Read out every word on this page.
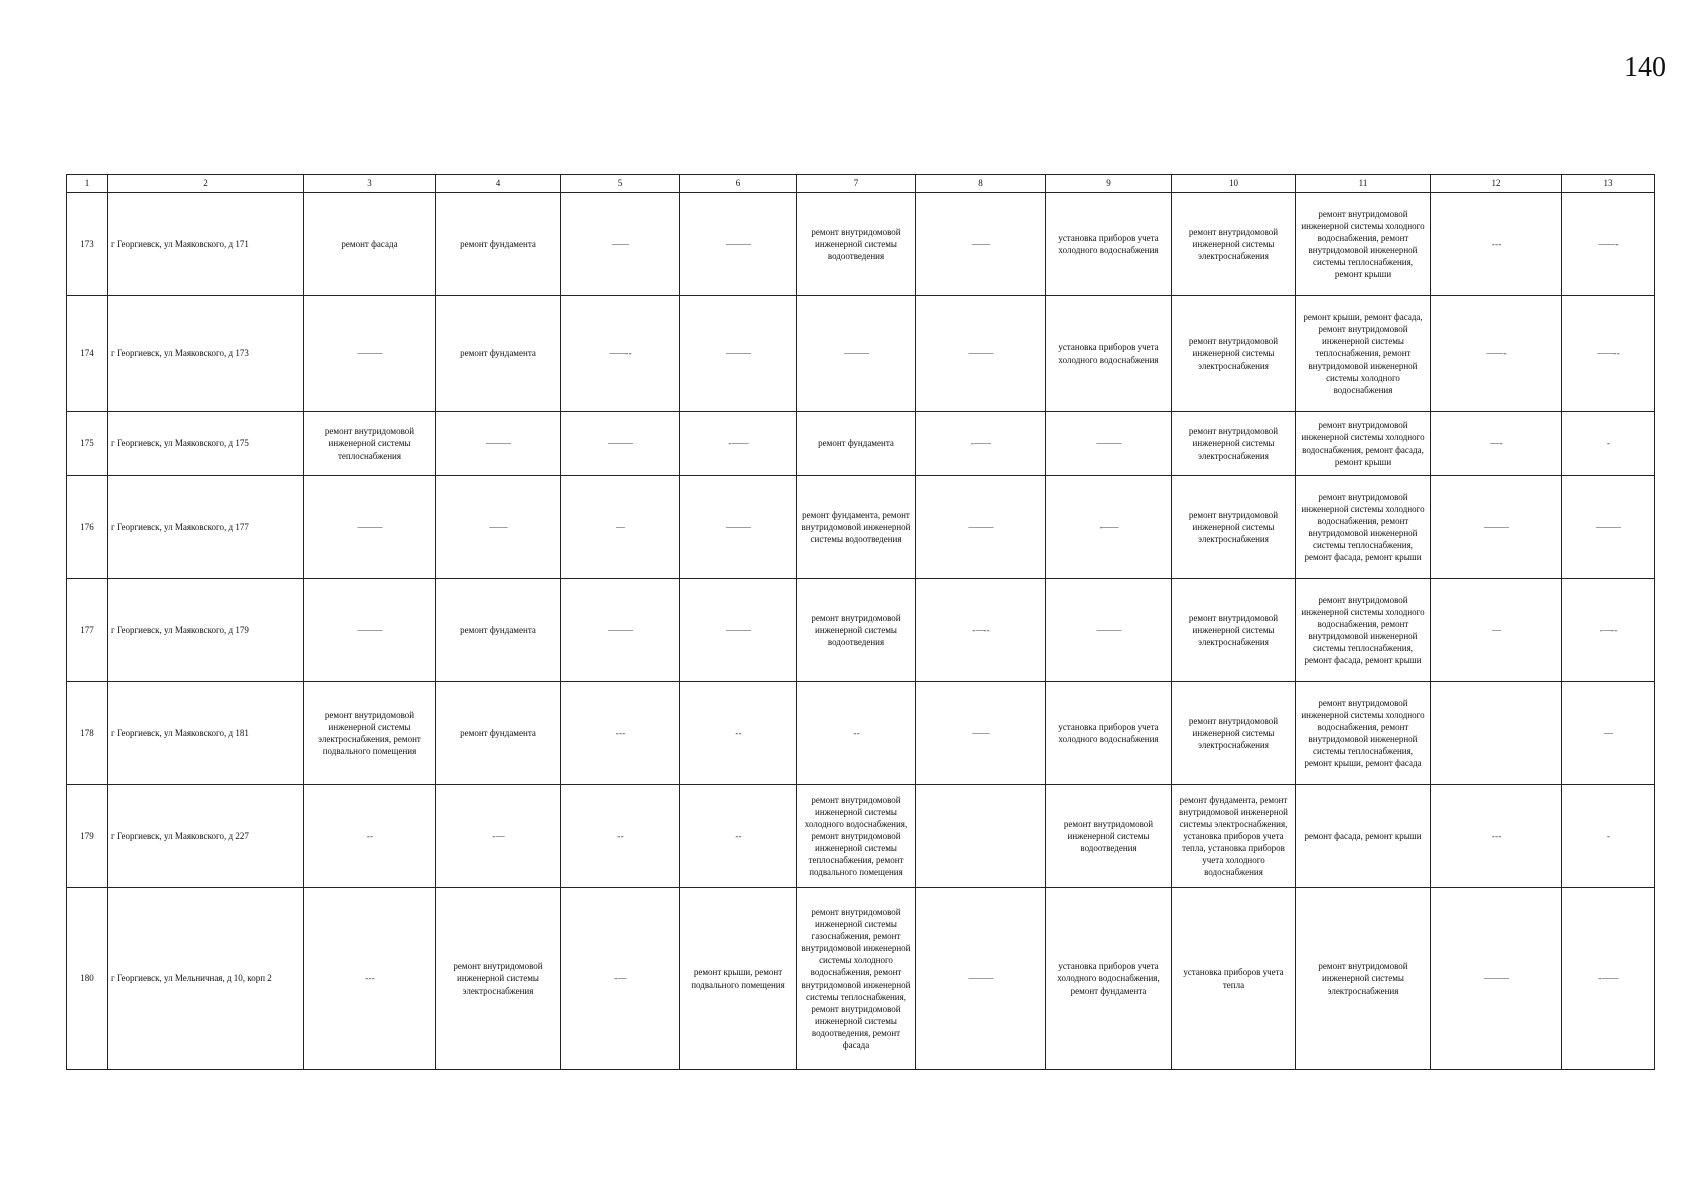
140
1	2	3	4	5	6	7	8	9	10	11	12	13
173	г Георгиевск, ул Маяковского, д 171	ремонт фасада	ремонт фундамента	——	———	ремонт внутридомовой инженерной системы водоотведения	— —	установка приборов учета холодного водоснабжения	ремонт внутридомовой инженерной системы электроснабжения	ремонт внутридомовой инженерной системы холодного водоснабжения, ремонт внутридомовой инженерной системы теплоснабжения, ремонт крыши	- - -	—— -
174	г Георгиевск, ул Маяковского, д 173	———	ремонт фундамента	——- -	———	———	———	установка приборов учета холодного водоснабжения	ремонт внутридомовой инженерной системы электроснабжения	ремонт крыши, ремонт фасада, ремонт внутридомовой инженерной системы теплоснабжения, ремонт внутридомовой инженерной системы холодного водоснабжения	—— -	——- -
175	г Георгиевск, ул Маяковского, д 175	ремонт внутридомовой инженерной системы теплоснабжения	———	———	- ——	ремонт фундамента	- ——	———	ремонт внутридомовой инженерной системы электроснабжения	ремонт внутридомовой инженерной системы холодного водоснабжения, ремонт фасада, ремонт крыши	— -	-
176	г Георгиевск, ул Маяковского, д 177	———	— —	—	———	ремонт фундамента, ремонт внутридомовой инженерной системы водоотведения	———	-——	ремонт внутридомовой инженерной системы электроснабжения	ремонт внутридомовой инженерной системы холодного водоснабжения, ремонт внутридомовой инженерной системы теплоснабжения, ремонт фасада, ремонт крыши	———	———
177	г Георгиевск, ул Маяковского, д 179	———	ремонт фундамента	———	———	ремонт внутридомовой инженерной системы водоотведения	- —- -	———	ремонт внутридомовой инженерной системы электроснабжения	ремонт внутридомовой инженерной системы холодного водоснабжения, ремонт внутридомовой инженерной системы теплоснабжения, ремонт фасада, ремонт крыши	—	- —- -
178	г Георгиевск, ул Маяковского, д 181	ремонт внутридомовой инженерной системы электроснабжения, ремонт подвального помещения	ремонт фундамента	- - -	- -	- -	——	установка приборов учета холодного водоснабжения	ремонт внутридомовой инженерной системы электроснабжения	ремонт внутридомовой инженерной системы холодного водоснабжения, ремонт внутридомовой инженерной системы теплоснабжения, ремонт крыши, ремонт фасада		—
179	г Георгиевск, ул Маяковского, д 227	- -	- —	- -	- -	ремонт внутридомовой инженерной системы холодного водоснабжения, ремонт внутридомовой инженерной системы теплоснабжения, ремонт подвального помещения		ремонт внутридомовой инженерной системы водоотведения	ремонт фундамента, ремонт внутридомовой инженерной системы электроснабжения, установка приборов учета тепла, установка приборов учета холодного водоснабжения	ремонт фасада, ремонт крыши	- - -	-
180	г Георгиевск, ул Мельничная, д 10, корп 2	- - -	ремонт внутридомовой инженерной системы электроснабжения	- —	ремонт крыши, ремонт подвального помещения	ремонт внутридомовой инженерной системы газоснабжения, ремонт внутридомовой инженерной системы холодного водоснабжения, ремонт внутридомовой инженерной системы теплоснабжения, ремонт внутридомовой инженерной системы водоотведения, ремонт фасада	———	установка приборов учета холодного водоснабжения, ремонт фундамента	установка приборов учета тепла	ремонт внутридомовой инженерной системы электроснабжения	———	- ——
